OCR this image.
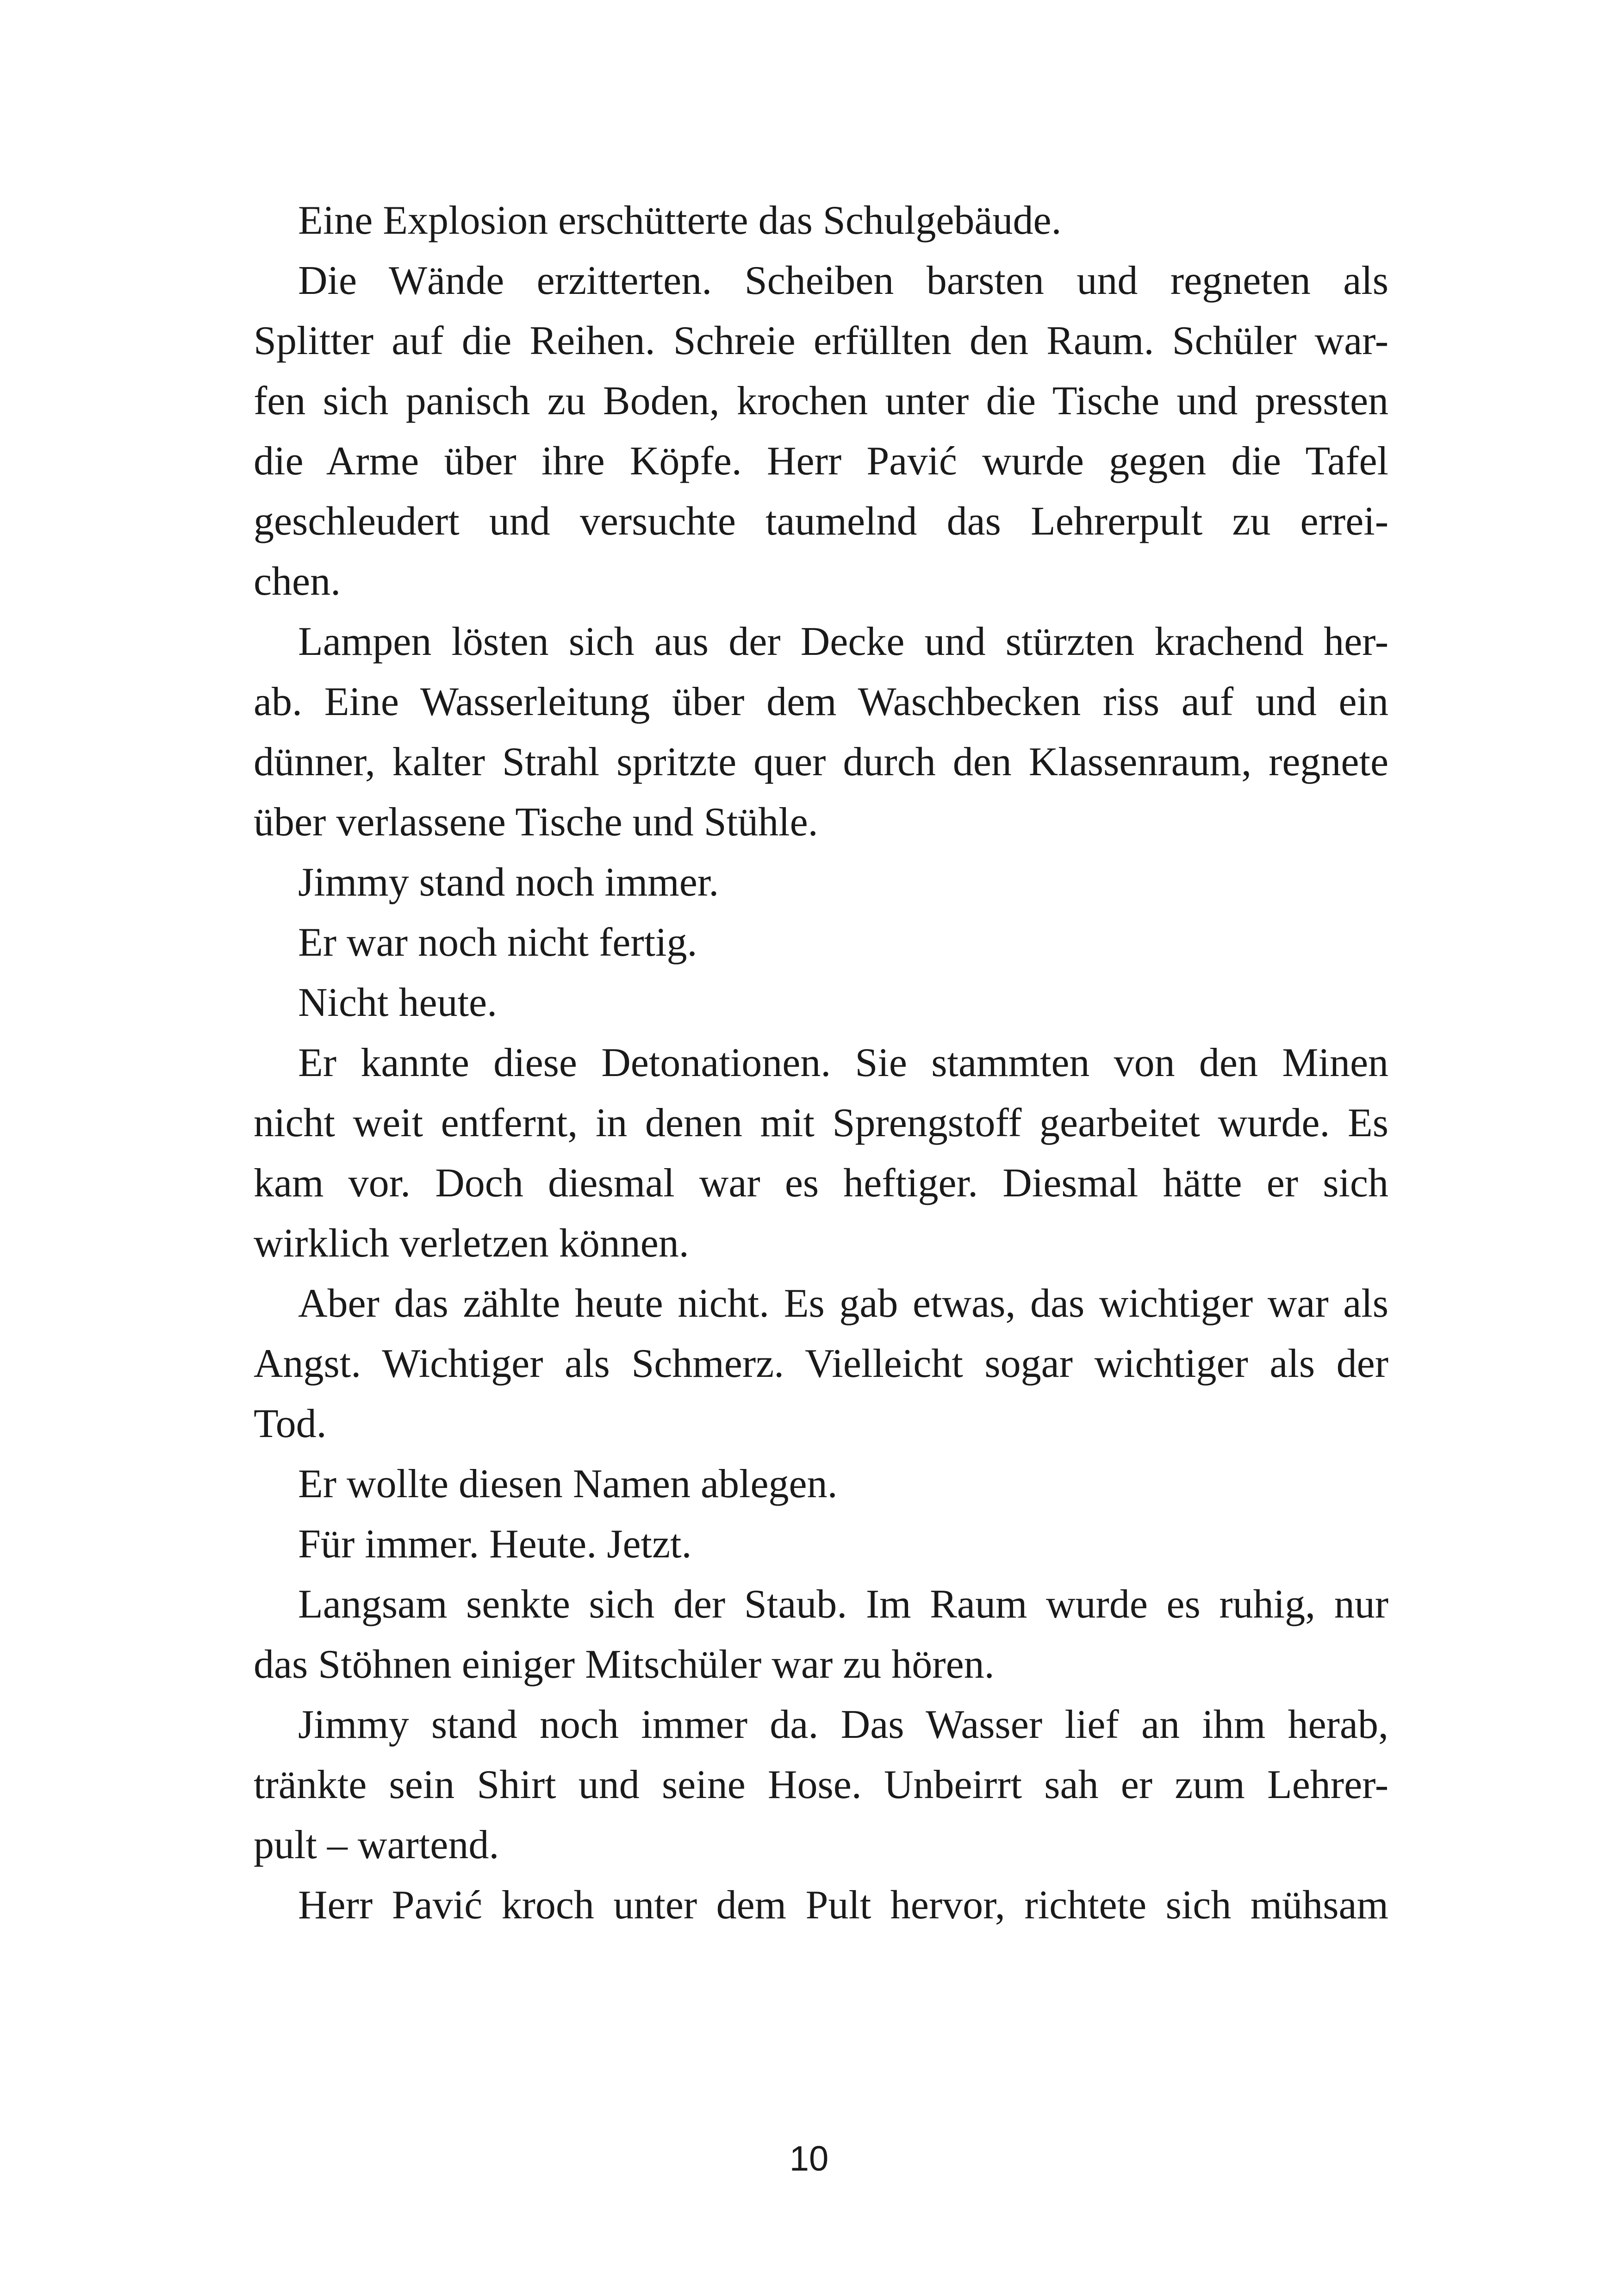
Eine Explosion erschütterte das Schulgebäude.
Die Wände erzitterten. Scheiben barsten und regneten als
Splitter auf die Reihen. Schreie erfüllten den Raum. Schüler war-
fen sich panisch zu Boden, krochen unter die Tische und pressten
die Arme über ihre Köpfe. Herr Pavić wurde gegen die Tafel
geschleudert und versuchte taumelnd das Lehrerpult zu errei-
chen.
Lampen lösten sich aus der Decke und stürzten krachend her-
ab. Eine Wasserleitung über dem Waschbecken riss auf und ein
dünner, kalter Strahl spritzte quer durch den Klassenraum, regnete
über verlassene Tische und Stühle.
Jimmy stand noch immer.
Er war noch nicht fertig.
Nicht heute.
Er kannte diese Detonationen. Sie stammten von den Minen
nicht weit entfernt, in denen mit Sprengstoff gearbeitet wurde. Es
kam vor. Doch diesmal war es heftiger. Diesmal hätte er sich
wirklich verletzen können.
Aber das zählte heute nicht. Es gab etwas, das wichtiger war als
Angst. Wichtiger als Schmerz. Vielleicht sogar wichtiger als der
Tod.
Er wollte diesen Namen ablegen.
Für immer. Heute. Jetzt.
Langsam senkte sich der Staub. Im Raum wurde es ruhig, nur
das Stöhnen einiger Mitschüler war zu hören.
Jimmy stand noch immer da. Das Wasser lief an ihm herab,
tränkte sein Shirt und seine Hose. Unbeirrt sah er zum Lehrer-
pult – wartend.
Herr Pavić kroch unter dem Pult hervor, richtete sich mühsam
10
